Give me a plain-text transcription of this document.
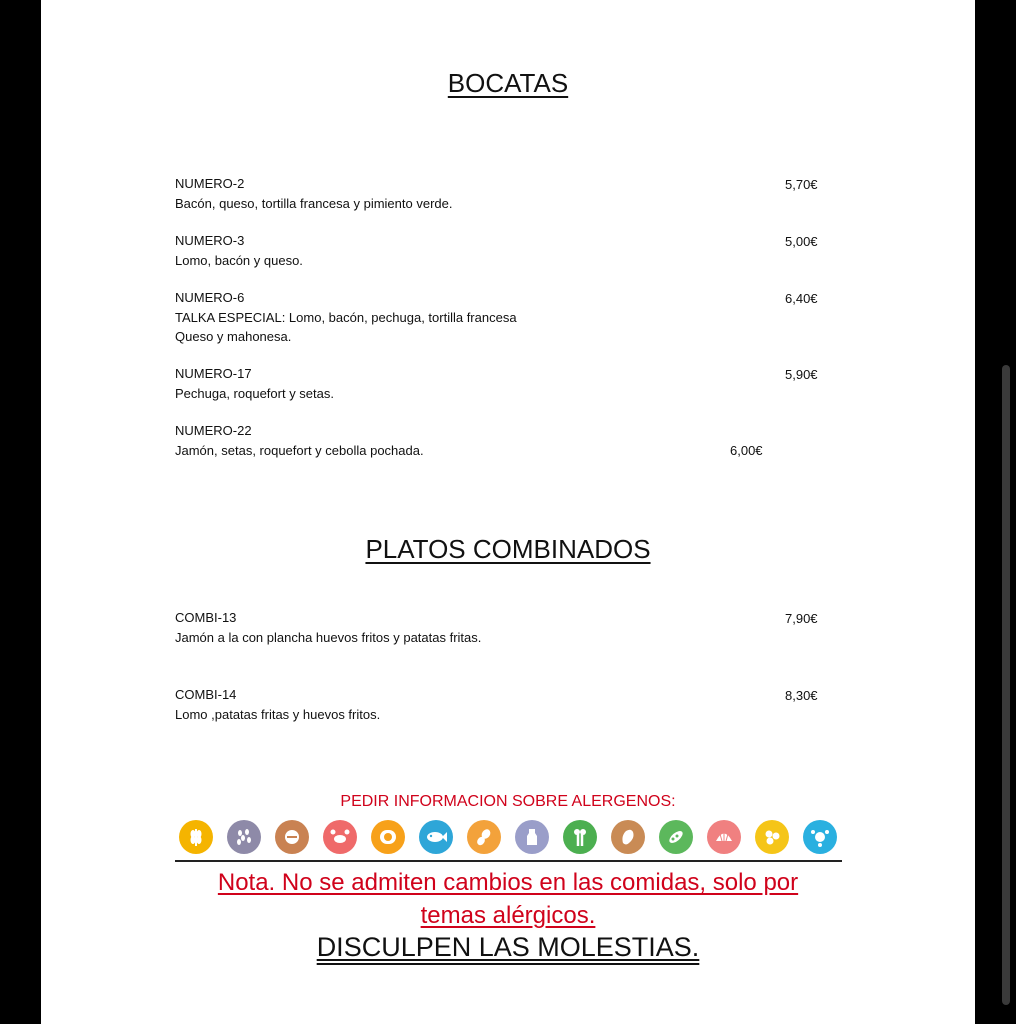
BOCATAS
NUMERO-2
Bacón, queso, tortilla francesa y pimiento verde.
5,70€
NUMERO-3
Lomo, bacón y queso.
5,00€
NUMERO-6
TALKA ESPECIAL: Lomo, bacón, pechuga, tortilla francesa
Queso y mahonesa.
6,40€
NUMERO-17
Pechuga, roquefort y setas.
5,90€
NUMERO-22
Jamón, setas, roquefort y cebolla pochada.	6,00€
PLATOS COMBINADOS
COMBI-13
Jamón a la con plancha huevos fritos y patatas fritas.
7,90€
COMBI-14
Lomo ,patatas fritas y huevos fritos.
8,30€
PEDIR INFORMACION SOBRE ALERGENOS:
Nota. No se admiten cambios en las comidas, solo por
temas alérgicos.
DISCULPEN LAS MOLESTIAS.
